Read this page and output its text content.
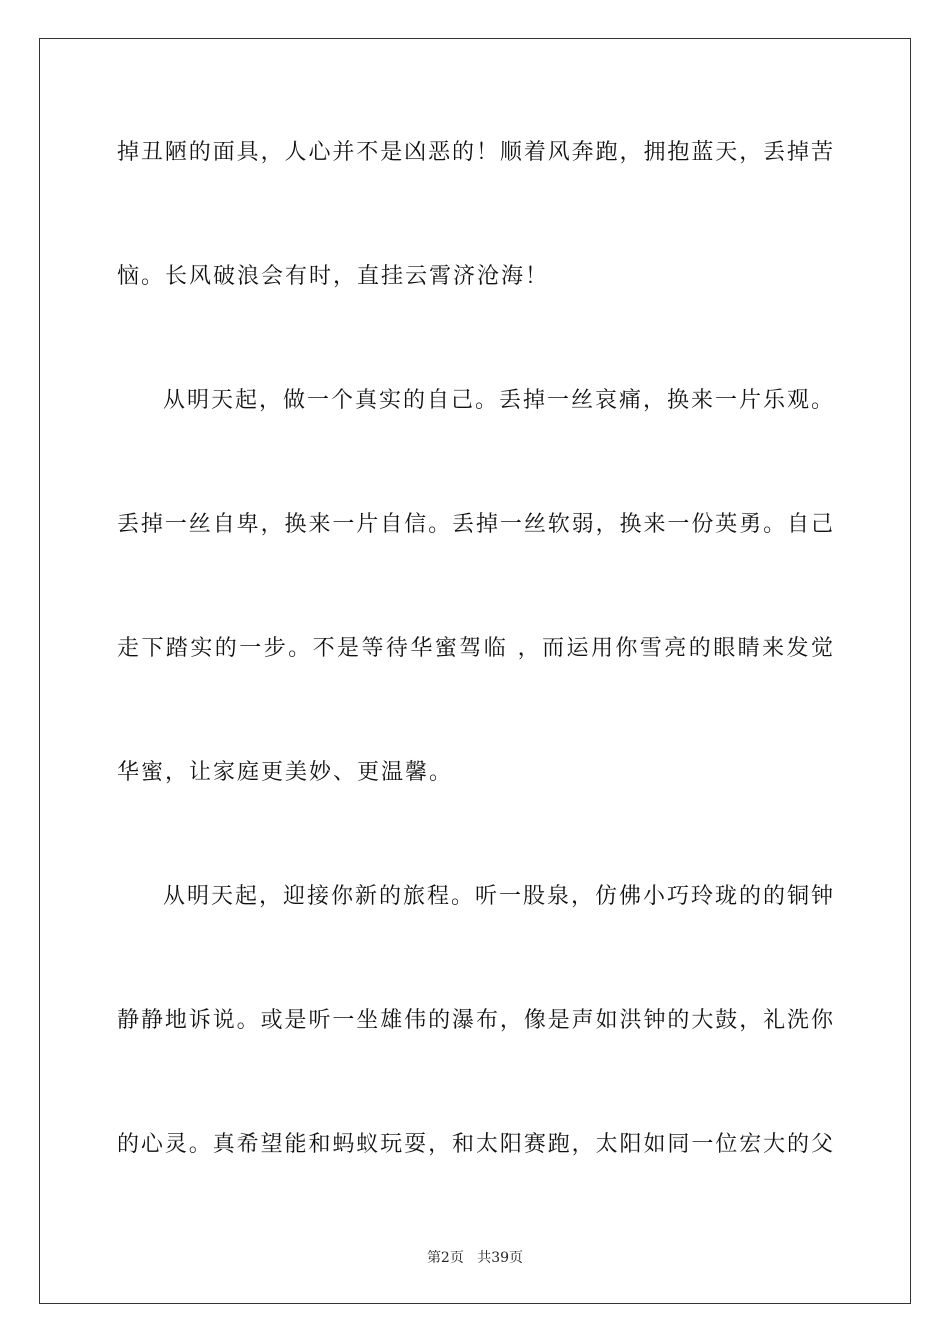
掉丑陋的面具，人心并不是凶恶的！顺着风奔跑，拥抱蓝天，丢掉苦
恼。长风破浪会有时，直挂云霄济沧海！
从明天起，做一个真实的自己。丢掉一丝哀痛，换来一片乐观。
丢掉一丝自卑，换来一片自信。丢掉一丝软弱，换来一份英勇。自己
走下踏实的一步。不是等待华蜜驾临 ，而运用你雪亮的眼睛来发觉
华蜜，让家庭更美妙、更温馨。
从明天起，迎接你新的旅程。听一股泉，仿佛小巧玲珑的的铜钟
静静地诉说。或是听一坐雄伟的瀑布，像是声如洪钟的大鼓，礼洗你
的心灵。真希望能和蚂蚁玩耍，和太阳赛跑，太阳如同一位宏大的父
第2页 共39页
